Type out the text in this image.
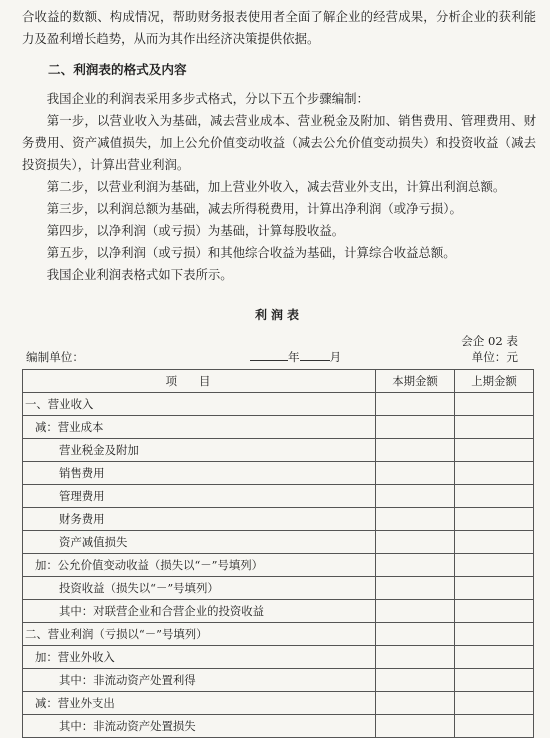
合收益的数额、构成情况，帮助财务报表使用者全面了解企业的经营成果，分析企业的获利能力及盈利增长趋势，从而为其作出经济决策提供依据。

二、利润表的格式及内容

我国企业的利润表采用多步式格式，分以下五个步骤编制：

第一步，以营业收入为基础，减去营业成本、营业税金及附加、销售费用、管理费用、财务费用、资产减值损失，加上公允价值变动收益（减去公允价值变动损失）和投资收益（减去投资损失），计算出营业利润。

第二步，以营业利润为基础，加上营业外收入，减去营业外支出，计算出利润总额。

第三步，以利润总额为基础，减去所得税费用，计算出净利润（或净亏损）。

第四步，以净利润（或亏损）为基础，计算每股收益。

第五步，以净利润（或亏损）和其他综合收益为基础，计算综合收益总额。

我国企业利润表格式如下表所示。

利润表
会企 02 表
编制单位：	年	月	单位：元
项目	本期金额	上期金额
一、营业收入		
减：营业成本		
营业税金及附加		
销售费用		
管理费用		
财务费用		
资产减值损失		
加：公允价值变动收益（损失以“－”号填列）		
投资收益（损失以“－”号填列）		
其中：对联营企业和合营企业的投资收益		
二、营业利润（亏损以“－”号填列）		
加：营业外收入		
其中：非流动资产处置利得		
减：营业外支出		
其中：非流动资产处置损失		
